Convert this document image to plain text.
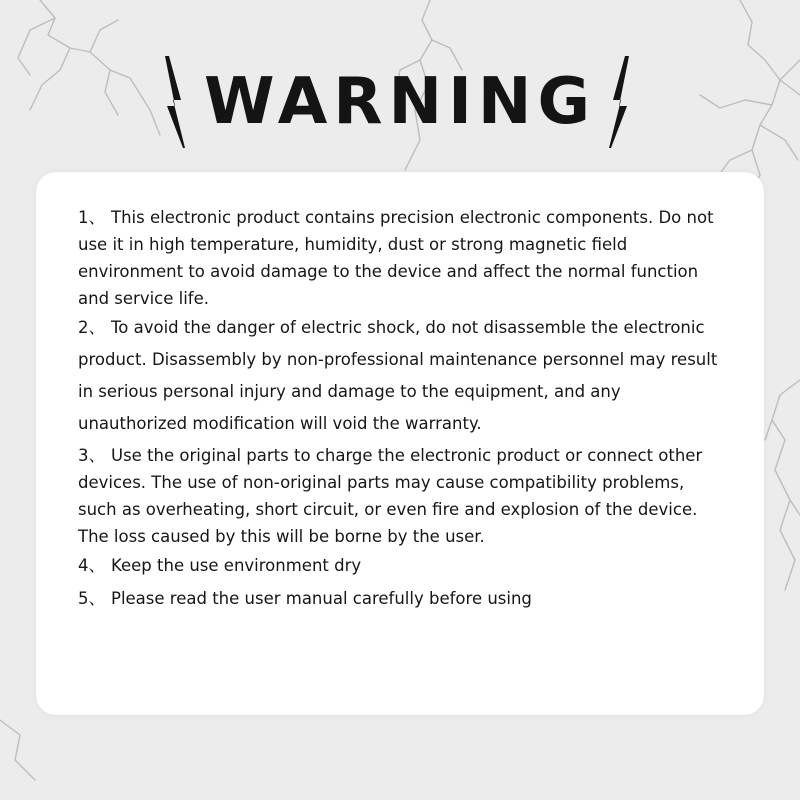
WARNING

1、 This electronic product contains precision electronic components. Do not use it in high temperature, humidity, dust or strong magnetic field environment to avoid damage to the device and affect the normal function and service life.

2、 To avoid the danger of electric shock, do not disassemble the electronic product. Disassembly by non-professional maintenance personnel may result in serious personal injury and damage to the equipment, and any unauthorized modification will void the warranty.

3、 Use the original parts to charge the electronic product or connect other devices. The use of non-original parts may cause compatibility problems, such as overheating, short circuit, or even fire and explosion of the device. The loss caused by this will be borne by the user.

4、 Keep the use environment dry

5、 Please read the user manual carefully before using
